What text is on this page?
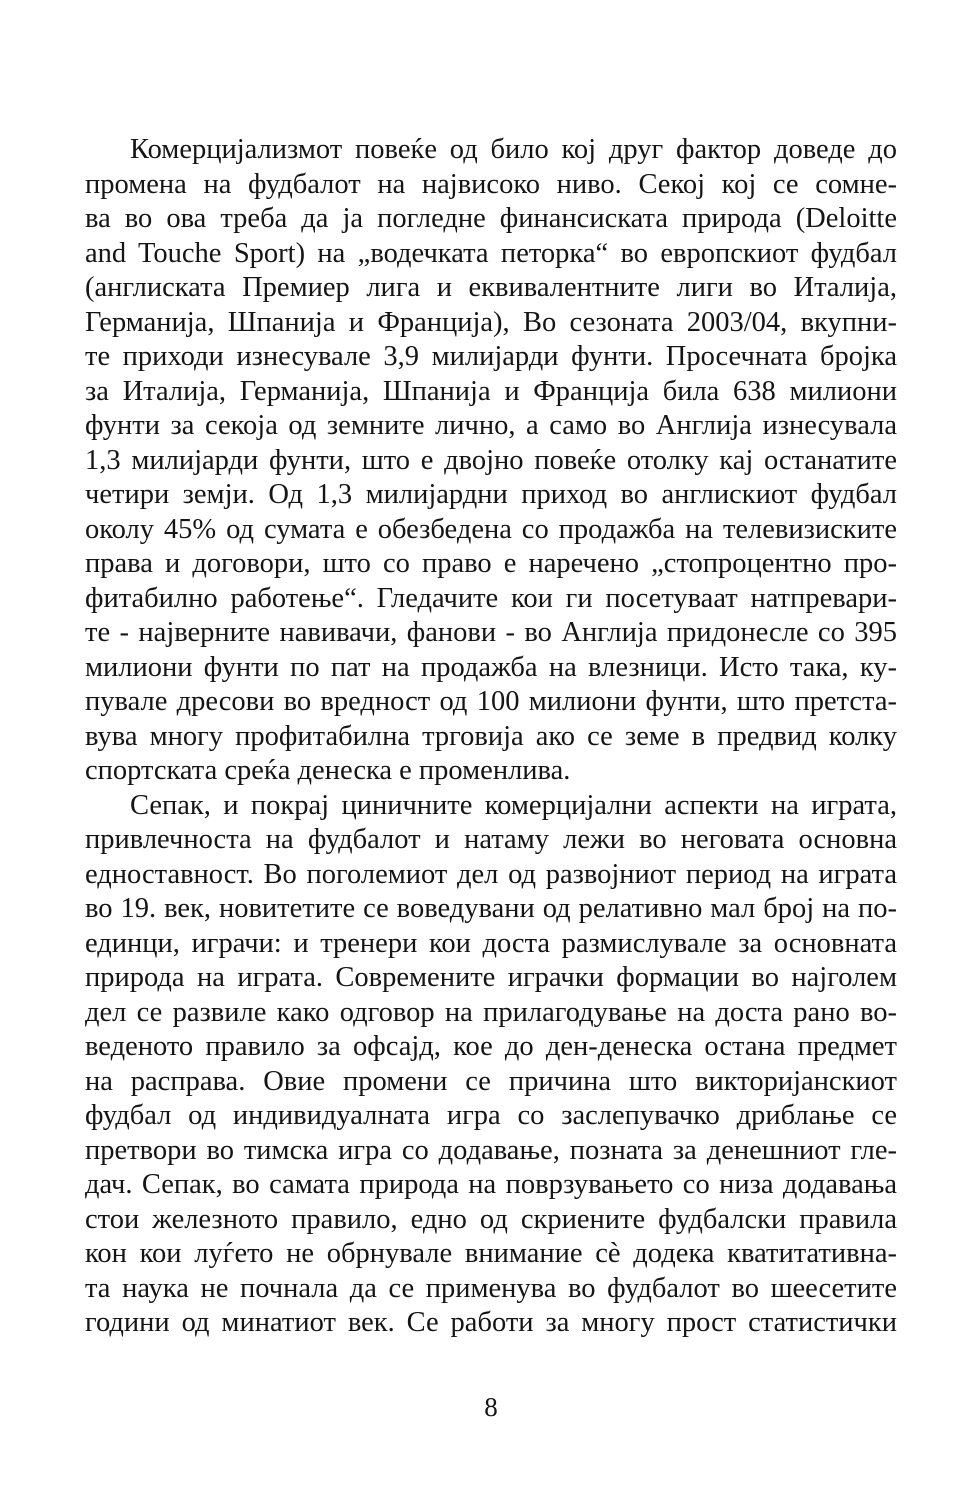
Комерцијализмот повеќе од било кој друг фактор доведе до
промена на фудбалот на највисоко ниво. Секој кој се сомне-
ва во ова треба да ја погледне финансиската природа (Deloitte
and Touche Sport) на „водечката петорка“ во европскиот фудбал
(англиската Премиер лига и еквивалентните лиги во Италија,
Германија, Шпанија и Франција), Во сезоната 2003/04, вкупни-
те приходи изнесувале 3,9 милијарди фунти. Просечната бројка
за Италија, Германија, Шпанија и Франција била 638 милиони
фунти за секоја од земните лично, а само во Англија изнесувала
1,3 милијарди фунти, што е двојно повеќе отолку кај останатите
четири земји. Од 1,3 милијардни приход во англискиот фудбал
околу 45% од сумата е обезбедена со продажба на телевизиските
права и договори, што со право е наречено „стопроцентно про-
фитабилно работење“. Гледачите кои ги посетуваат натпревари-
те - најверните навивачи, фанови - во Англија придонесле со 395
милиони фунти по пат на продажба на влезници. Исто така, ку-
пувале дресови во вредност од 100 милиони фунти, што претста-
вува многу профитабилна трговија ако се земе в предвид колку
спортската среќа денеска е променлива.
Сепак, и покрај циничните комерцијални аспекти на играта,
привлечноста на фудбалот и натаму лежи во неговата основна
едноставност. Во поголемиот дел од развојниот период на играта
во 19. век, новитетите се воведувани од релативно мал број на по-
единци, играчи: и тренери кои доста размислувале за основната
природа на играта. Современите играчки формации во најголем
дел се развиле како одговор на прилагодување на доста рано во-
веденото правило за офсајд, кое до ден-денеска остана предмет
на расправа. Овие промени се причина што викторијанскиот
фудбал од индивидуалната игра со заслепувачко дриблање се
претвори во тимска игра со додавање, позната за денешниот гле-
дач. Сепак, во самата природа на поврзувањето со низа додавања
стои железното правило, едно од скриените фудбалски правила
кон кои луѓето не обрнувале внимание сè додека кватитативна-
та наука не почнала да се применува во фудбалот во шеесетите
години од минатиот век. Се работи за многу прост статистички
8
